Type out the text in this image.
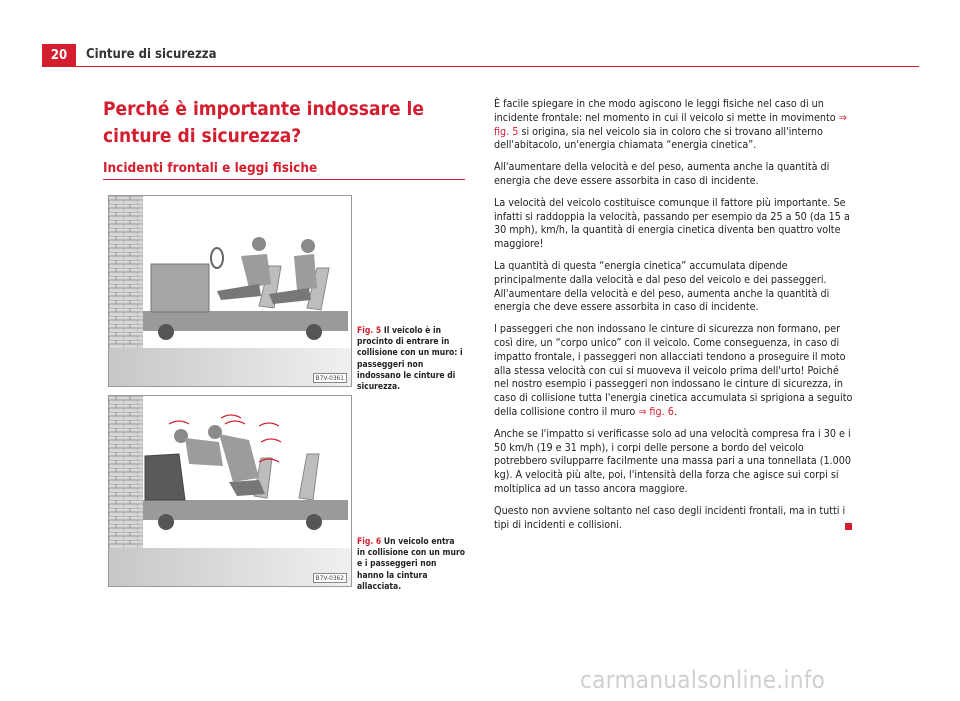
20	Cinture di sicurezza
Perché è importante indossare le cinture di sicurezza?
Incidenti frontali e leggi fisiche
B7V-0361
Fig. 5 Il veicolo è in procinto di entrare in collisione con un muro: i passeggeri non indossano le cinture di sicurezza.
B7V-0362
Fig. 6 Un veicolo entra in collisione con un muro e i passeggeri non hanno la cintura allacciata.

È facile spiegare in che modo agiscono le leggi fisiche nel caso di un incidente frontale: nel momento in cui il veicolo si mette in movimento ⇒ fig. 5 si origina, sia nel veicolo sia in coloro che si trovano all'interno dell'abitacolo, un'energia chiamata “energia cinetica”.

All'aumentare della velocità e del peso, aumenta anche la quantità di energia che deve essere assorbita in caso di incidente.

La velocità del veicolo costituisce comunque il fattore più importante. Se infatti si raddoppia la velocità, passando per esempio da 25 a 50 (da 15 a 30 mph), km/h, la quantità di energia cinetica diventa ben quattro volte maggiore!

La quantità di questa “energia cinetica” accumulata dipende principalmente dalla velocità e dal peso del veicolo e dei passeggeri. All'aumentare della velocità e del peso, aumenta anche la quantità di energia che deve essere assorbita in caso di incidente.

I passeggeri che non indossano le cinture di sicurezza non formano, per così dire, un “corpo unico” con il veicolo. Come conseguenza, in caso di impatto frontale, i passeggeri non allacciati tendono a proseguire il moto alla stessa velocità con cui si muoveva il veicolo prima dell'urto! Poiché nel nostro esempio i passeggeri non indossano le cinture di sicurezza, in caso di collisione tutta l'energia cinetica accumulata si sprigiona a seguito della collisione contro il muro ⇒ fig. 6.

Anche se l'impatto si verificasse solo ad una velocità compresa fra i 30 e i 50 km/h (19 e 31 mph), i corpi delle persone a bordo del veicolo potrebbero svilupparre facilmente una massa pari a una tonnellata (1.000 kg). A velocità più alte, poi, l'intensità della forza che agisce sui corpi si moltiplica ad un tasso ancora maggiore.

Questo non avviene soltanto nel caso degli incidenti frontali, ma in tutti i tipi di incidenti e collisioni.

carmanualsonline.info
